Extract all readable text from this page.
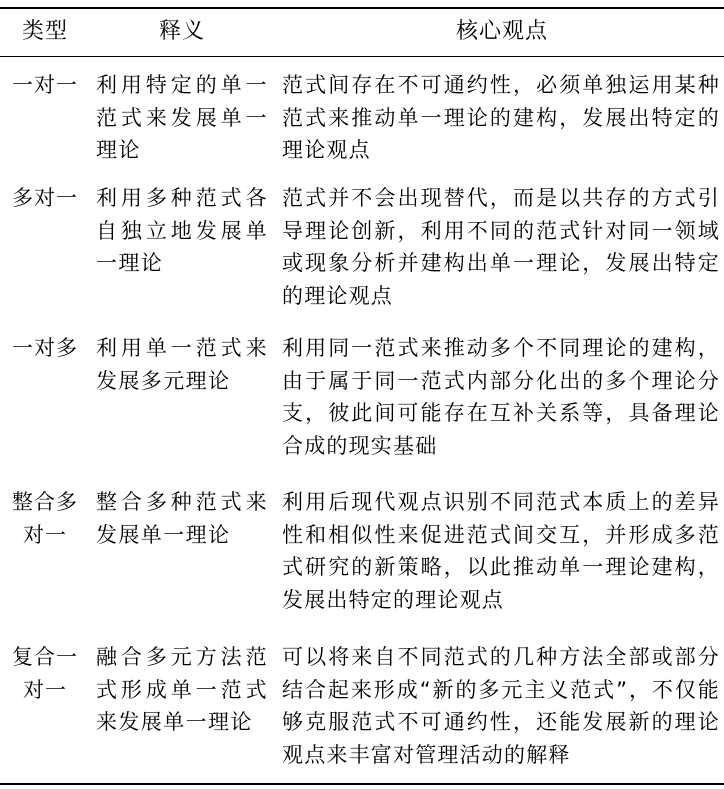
类型	释义	核心观点
一对一 利用特定的单一范式来发展单一理论
范式间存在不可通约性，必须单独运用某种范式来推动单一理论的建构，发展出特定的理论观点
多对一 利用多种范式各自独立地发展单一理论
范式并不会出现替代，而是以共存的方式引导理论创新，利用不同的范式针对同一领域或现象分析并建构出单一理论，发展出特定的理论观点
一对多 利用单一范式来发展多元理论
利用同一范式来推动多个不同理论的建构，由于属于同一范式内部分化出的多个理论分支，彼此间可能存在互补关系等，具备理论合成的现实基础
整合多对一
整合多种范式来发展单一理论
利用后现代观点识别不同范式本质上的差异性和相似性来促进范式间交互，并形成多范式研究的新策略，以此推动单一理论建构，发展出特定的理论观点
复合一对一
融合多元方法范式形成单一范式来发展单一理论
可以将来自不同范式的几种方法全部或部分结合起来形成“新的多元主义范式”，不仅能够克服范式不可通约性，还能发展新的理论观点来丰富对管理活动的解释
